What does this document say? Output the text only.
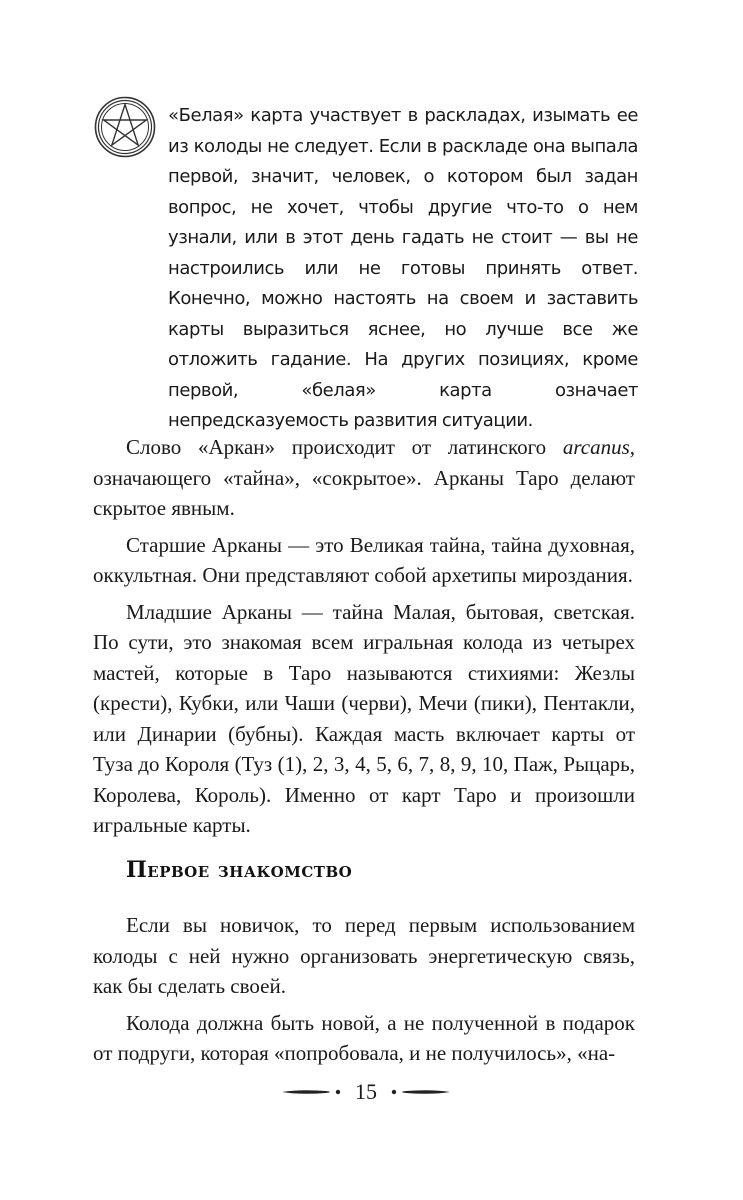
«Белая» карта участвует в раскладах, изымать ее из колоды не следует. Если в раскладе она выпала первой, значит, человек, о котором был задан вопрос, не хочет, чтобы другие что-то о нем узнали, или в этот день гадать не стоит — вы не настроились или не готовы принять ответ. Конечно, можно настоять на своем и заставить карты выразиться яснее, но лучше все же отложить гадание. На других позициях, кроме первой, «белая» карта означает непредсказуемость развития ситуации.

Слово «Аркан» происходит от латинского arcanus, означающего «тайна», «сокрытое». Арканы Таро делают скрытое явным.

Старшие Арканы — это Великая тайна, тайна духовная, оккультная. Они представляют собой архетипы мироздания.

Младшие Арканы — тайна Малая, бытовая, светская. По сути, это знакомая всем игральная колода из четырех мастей, которые в Таро называются стихиями: Жезлы (крести), Кубки, или Чаши (черви), Мечи (пики), Пентакли, или Динарии (бубны). Каждая масть включает карты от Туза до Короля (Туз (1), 2, 3, 4, 5, 6, 7, 8, 9, 10, Паж, Рыцарь, Королева, Король). Именно от карт Таро и произошли игральные карты.

Первое знакомство

Если вы новичок, то перед первым использованием колоды с ней нужно организовать энергетическую связь, как бы сделать своей.

Колода должна быть новой, а не полученной в подарок от подруги, которая «попробовала, и не получилось», «на-

15
